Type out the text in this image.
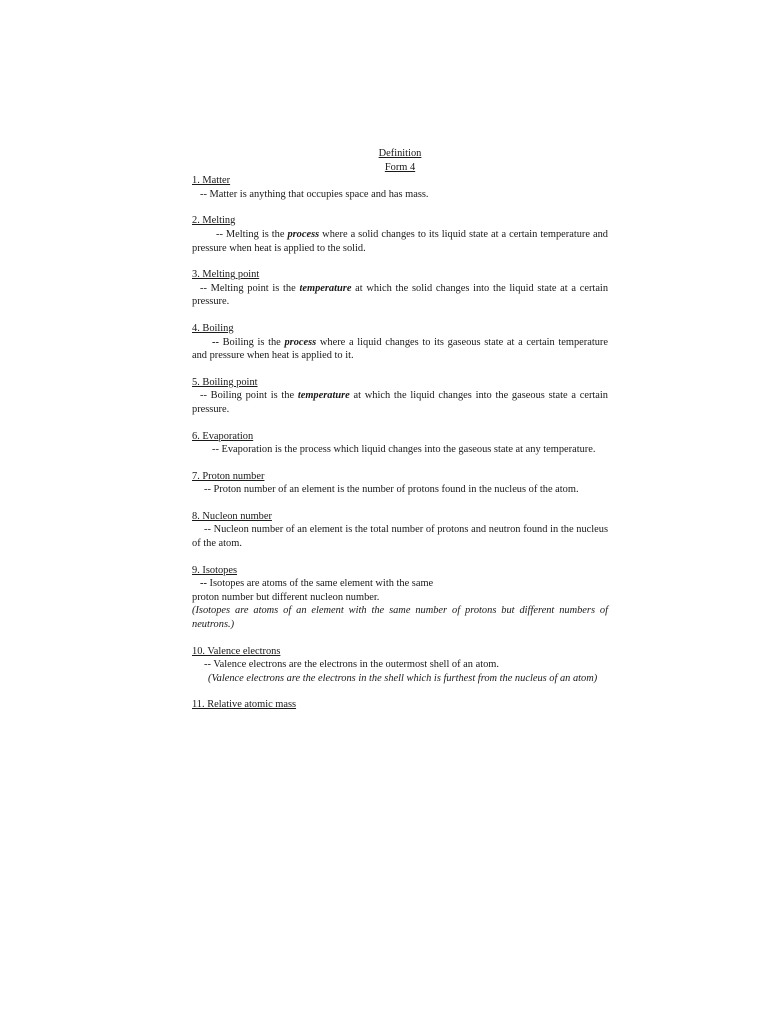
Definition
Form 4
1. Matter
-- Matter is anything that occupies space and has mass.
2. Melting
-- Melting is the process where a solid changes to its liquid state at a certain temperature and pressure when heat is applied to the solid.
3. Melting point
-- Melting point is the temperature at which the solid changes into the liquid state at a certain pressure.
4. Boiling
-- Boiling is the process where a liquid changes to its gaseous state at a certain temperature and pressure when heat is applied to it.
5. Boiling point
-- Boiling point is the temperature at which the liquid changes into the gaseous state a certain pressure.
6. Evaporation
-- Evaporation is the process which liquid changes into the gaseous state at any temperature.
7. Proton number
-- Proton number of an element is the number of protons found in the nucleus of the atom.
8. Nucleon number
-- Nucleon number of an element is the total number of protons and neutron found in the nucleus of the atom.
9. Isotopes
-- Isotopes are atoms of the same element with the same
proton number but different nucleon number.
(Isotopes are atoms of an element with the same number of protons but different numbers of neutrons.)
10. Valence electrons
-- Valence electrons are the electrons in the outermost shell of an atom.
(Valence electrons are the electrons in the shell which is furthest from the nucleus of an atom)
11. Relative atomic mass
